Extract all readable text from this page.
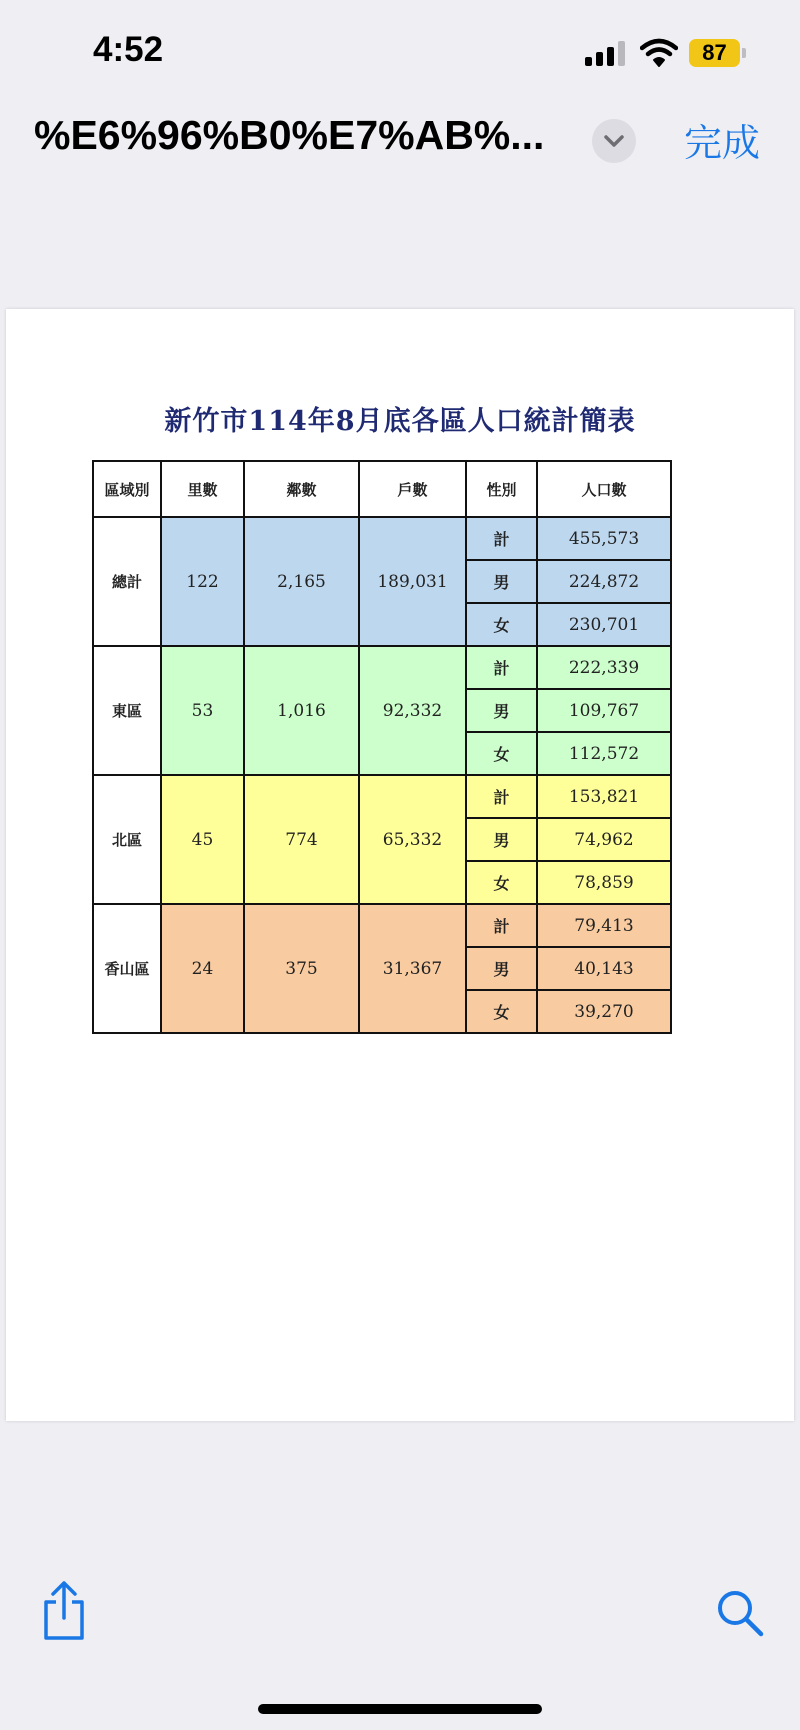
4:52	87
%E6%96%B0%E7%AB%...	完成
新竹市114年8月底各區人口統計簡表
區域別	里數	鄰數	戶數	性別	人口數
總計	122	2,165	189,031	計	455,573
				男	224,872
				女	230,701
東區	53	1,016	92,332	計	222,339
				男	109,767
				女	112,572
北區	45	774	65,332	計	153,821
				男	74,962
				女	78,859
香山區	24	375	31,367	計	79,413
				男	40,143
				女	39,270
